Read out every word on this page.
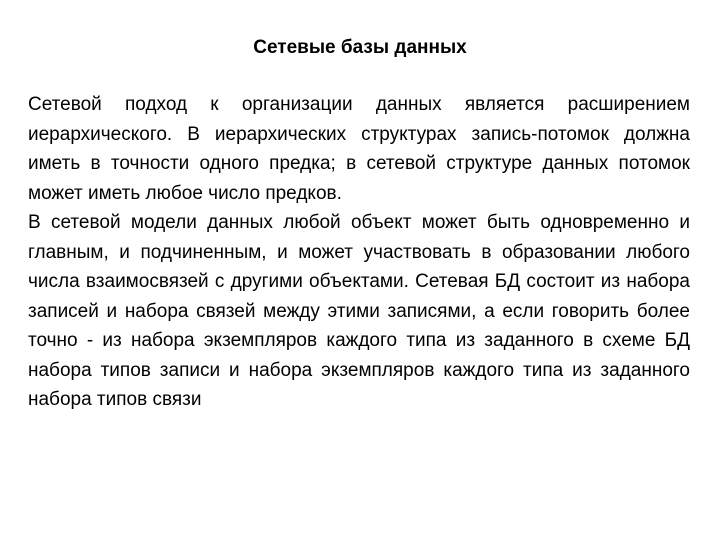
Сетевые базы данных

Сетевой подход к организации данных является расширением иерархического. В иерархических структурах запись-потомок должна иметь в точности одного предка; в сетевой структуре данных потомок может иметь любое число предков.

В сетевой модели данных любой объект может быть одновременно и главным, и подчиненным, и может участвовать в образовании любого числа взаимосвязей с другими объектами. Сетевая БД состоит из набора записей и набора связей между этими записями, а если говорить более точно - из набора экземпляров каждого типа из заданного в схеме БД набора типов записи и набора экземпляров каждого типа из заданного набора типов связи
